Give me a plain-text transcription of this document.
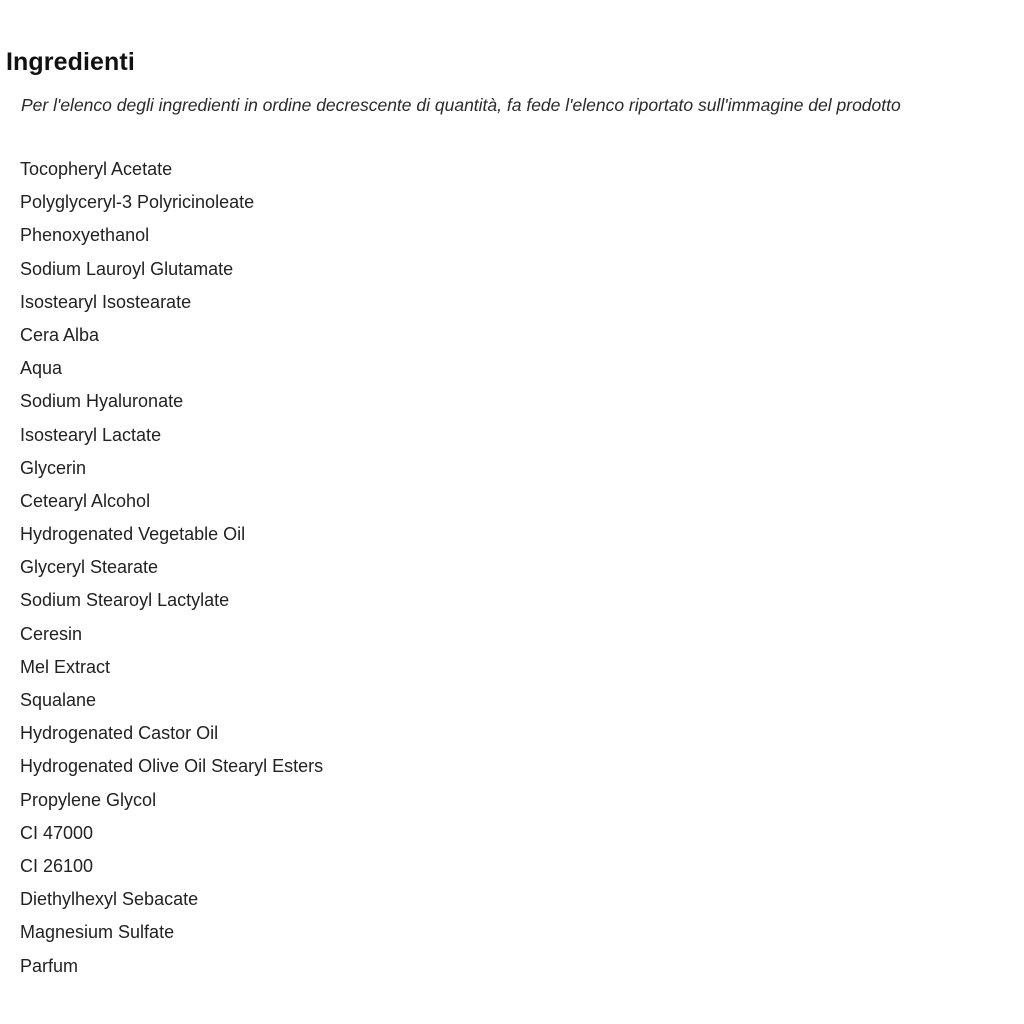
Ingredienti

Per l'elenco degli ingredienti in ordine decrescente di quantità, fa fede l'elenco riportato sull'immagine del prodotto

Tocopheryl Acetate
Polyglyceryl-3 Polyricinoleate
Phenoxyethanol
Sodium Lauroyl Glutamate
Isostearyl Isostearate
Cera Alba
Aqua
Sodium Hyaluronate
Isostearyl Lactate
Glycerin
Cetearyl Alcohol
Hydrogenated Vegetable Oil
Glyceryl Stearate
Sodium Stearoyl Lactylate
Ceresin
Mel Extract
Squalane
Hydrogenated Castor Oil
Hydrogenated Olive Oil Stearyl Esters
Propylene Glycol
CI 47000
CI 26100
Diethylhexyl Sebacate
Magnesium Sulfate
Parfum
